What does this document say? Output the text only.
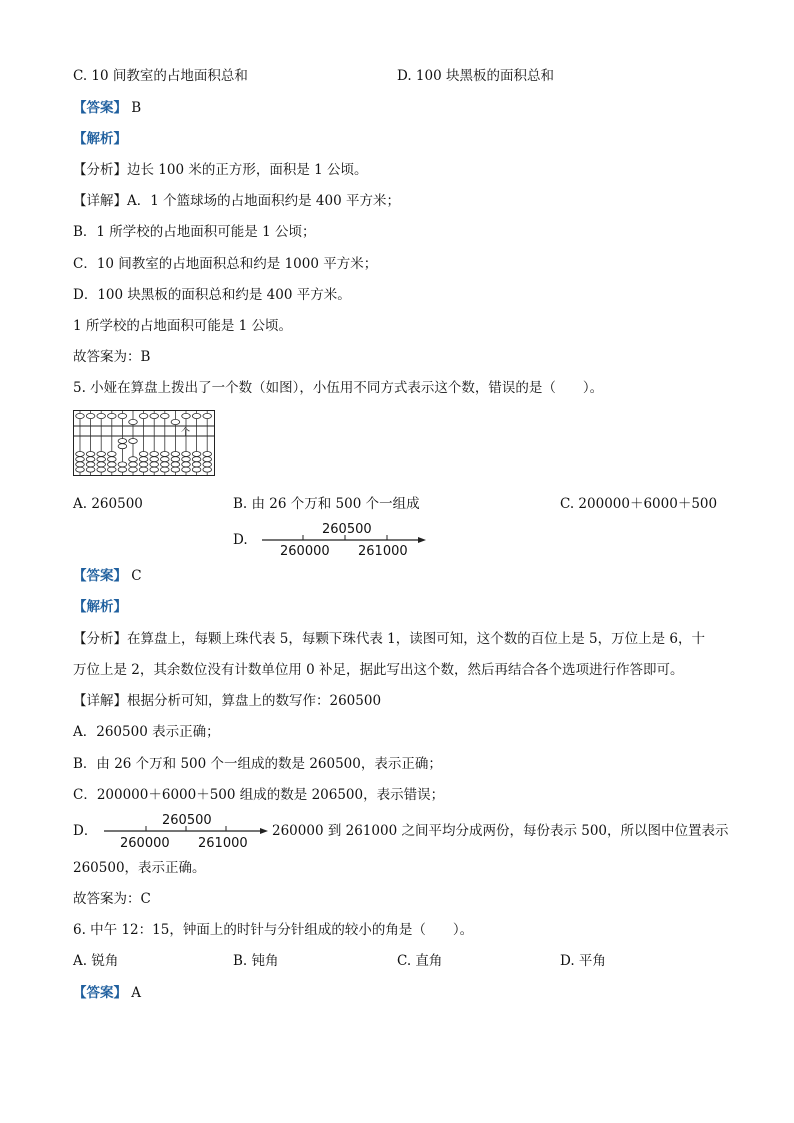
C. 10 间教室的占地面积总和	D. 100 块黑板的面积总和
【答案】 B
【解析】
【分析】边长 100 米的正方形，面积是 1 公顷。
【详解】A．1 个篮球场的占地面积约是 400 平方米；
B．1 所学校的占地面积可能是 1 公顷；
C．10 间教室的占地面积总和约是 1000 平方米；
D．100 块黑板的面积总和约是 400 平方米。
1 所学校的占地面积可能是 1 公顷。
故答案为：B
5. 小娅在算盘上拨出了一个数（如图），小伍用不同方式表示这个数，错误的是（　　）。
个
A. 260500	B. 由 26 个万和 500 个一组成	C. 200000＋6000＋500
D.
260500
260000 261000
【答案】 C
【解析】
【分析】在算盘上，每颗上珠代表 5，每颗下珠代表 1，读图可知，这个数的百位上是 5，万位上是 6，十
万位上是 2，其余数位没有计数单位用 0 补足，据此写出这个数，然后再结合各个选项进行作答即可。
【详解】根据分析可知，算盘上的数写作：260500
A．260500 表示正确；
B．由 26 个万和 500 个一组成的数是 260500，表示正确；
C．200000＋6000＋500 组成的数是 206500，表示错误；
D．
260500
260000 261000
260000 到 261000 之间平均分成两份，每份表示 500，所以图中位置表示
260500，表示正确。
故答案为：C
6. 中午 12：15，钟面上的时针与分针组成的较小的角是（　　）。
A. 锐角	B. 钝角	C. 直角	D. 平角
【答案】 A
